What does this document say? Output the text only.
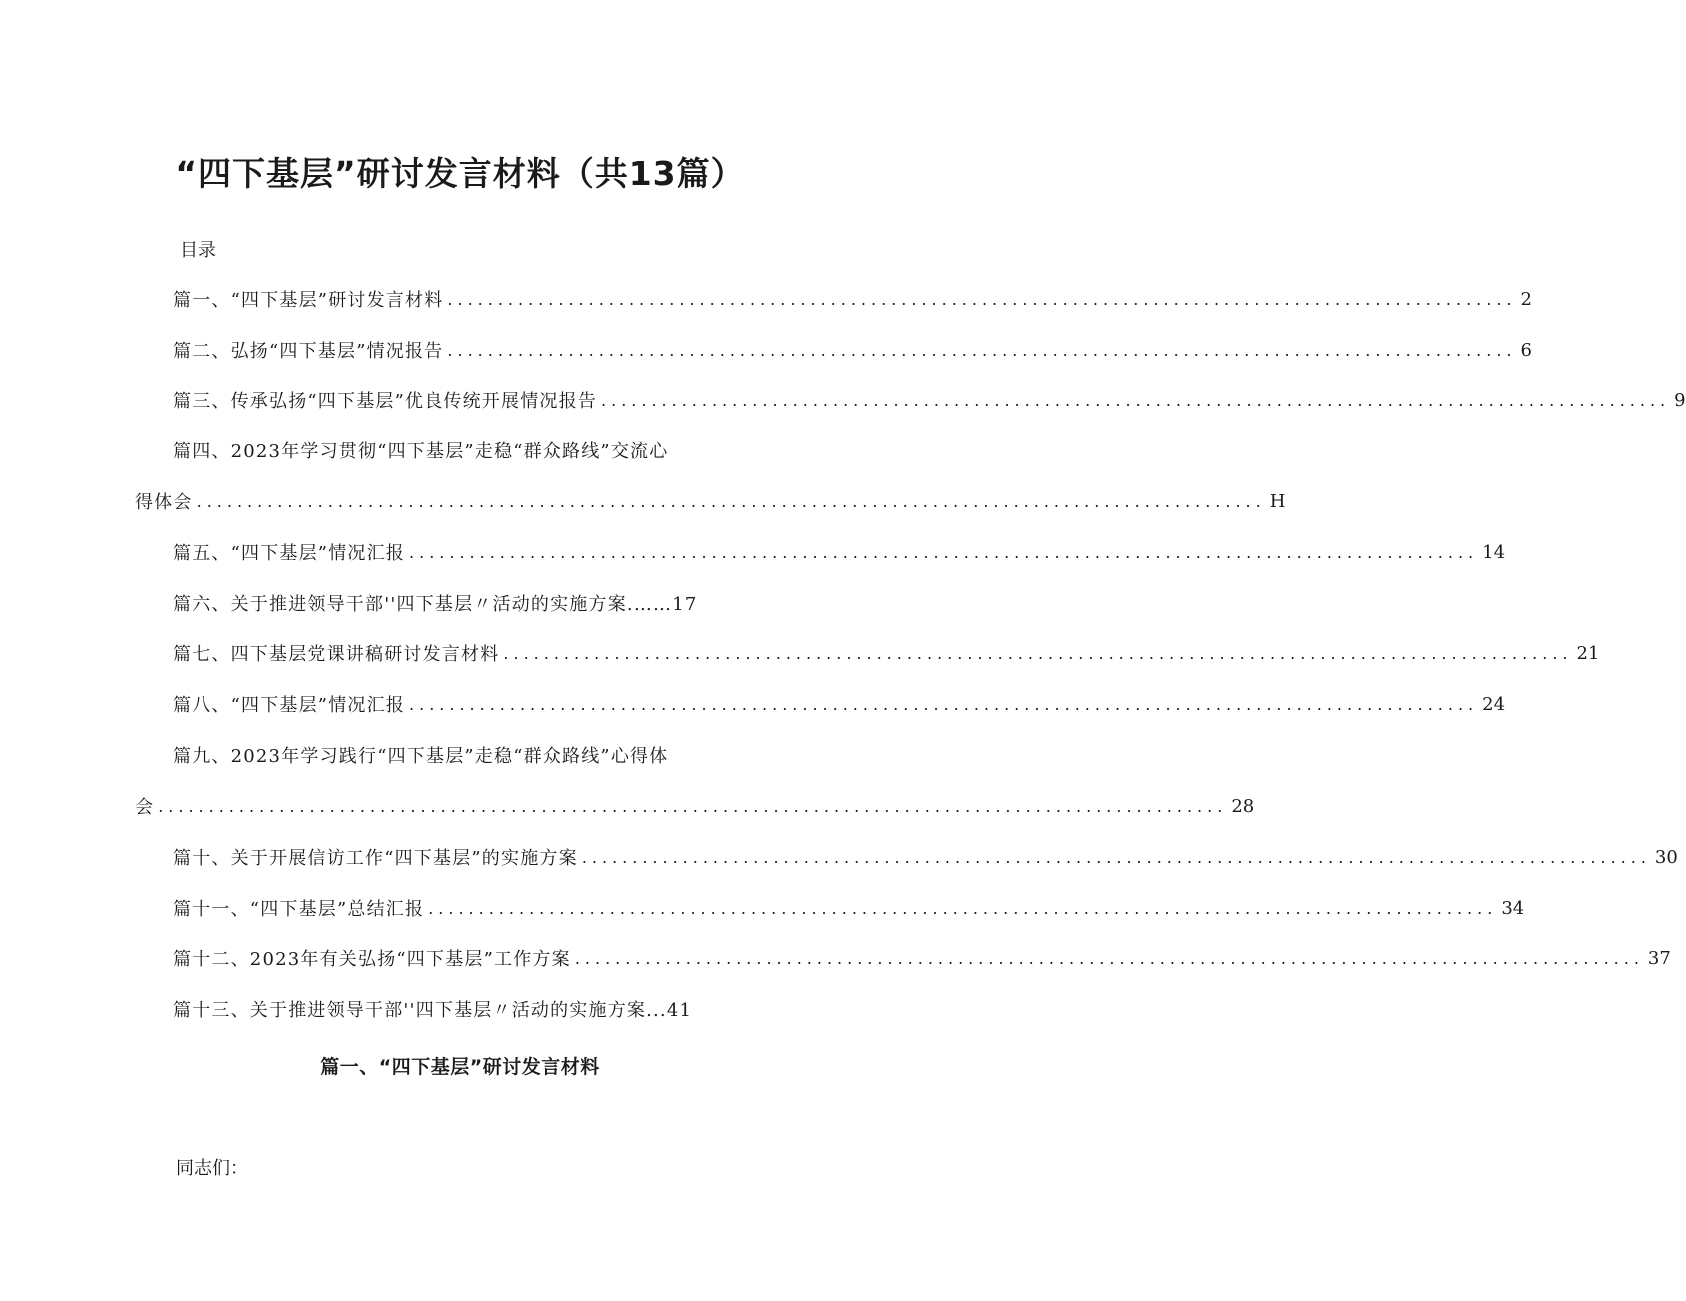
“四下基层”研讨发言材料（共13篇）
目录
篇一、“四下基层”研讨发言材料 .......................................................................................................... 2
篇二、弘扬“四下基层”情况报告 .......................................................................................................... 6
篇三、传承弘扬“四下基层”优良传统开展情况报告 .......................................................................................................... 9
篇四、2023年学习贯彻“四下基层”走稳“群众路线”交流心
得体会 .......................................................................................................... H
篇五、“四下基层”情况汇报 .......................................................................................................... 14
篇六、关于推进领导干部''四下基层〃活动的实施方案.……17
篇七、四下基层党课讲稿研讨发言材料 .......................................................................................................... 21
篇八、“四下基层”情况汇报 .......................................................................................................... 24
篇九、2023年学习践行“四下基层”走稳“群众路线”心得体
会 .......................................................................................................... 28
篇十、关于开展信访工作“四下基层”的实施方案 .......................................................................................................... 30
篇十一、“四下基层”总结汇报 .......................................................................................................... 34
篇十二、2023年有关弘扬“四下基层”工作方案 .......................................................................................................... 37
篇十三、关于推进领导干部''四下基层〃活动的实施方案...41
篇一、“四下基层”研讨发言材料
同志们：
